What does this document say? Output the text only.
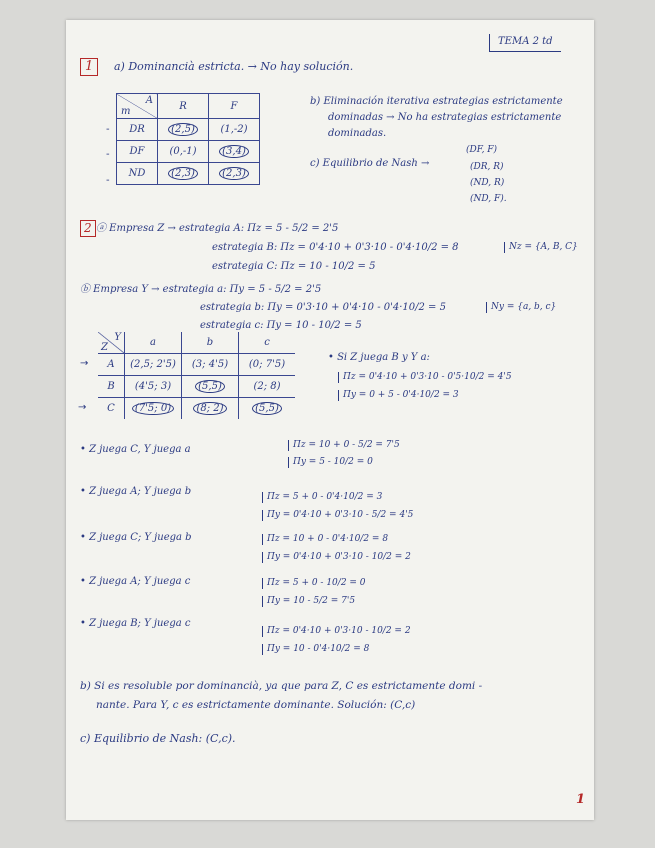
TEMA 2 td
1	a) Dominancià estricta. → No hay solución.
A
m	R	F
DR	(2,5)	(1,-2)
DF	(0,-1)	(3,4)
ND	(2,3)	(2,3)
-
-
-
b) Eliminación iterativa estrategias estrictamente
dominadas → No ha estrategias estrictamente
dominadas.
c) Equilibrio de Nash →
(DF, F)
(DR, R)
(ND, R)
(ND, F).
2 ⓐ Empresa Z → estrategia A: Πz = 5 - 5/2 = 2'5
estrategia B: Πz = 0'4·10 + 0'3·10 - 0'4·10/2 = 8
estrategia C: Πz = 10 - 10/2 = 5
Nz = {A, B, C}
ⓑ Empresa Y → estrategia a: Πy = 5 - 5/2 = 2'5
estrategia b: Πy = 0'3·10 + 0'4·10 - 0'4·10/2 = 5
estrategia c: Πy = 10 - 10/2 = 5
Ny = {a, b, c}
Y
Z	a	b	c
A	(2,5; 2'5)	(3; 4'5)	(0; 7'5)
B	(4'5; 3)	(5,5)	(2; 8)
C	(7'5; 0)	(8; 2)	(5,5)
→
→
• Si Z juega B y Y a:
Πz = 0'4·10 + 0'3·10 - 0'5·10/2 = 4'5
Πy = 0 + 5 - 0'4·10/2 = 3
• Z juega C, Y juega a	Πz = 10 + 0 - 5/2 = 7'5
Πy = 5 - 10/2 = 0
• Z juega A; Y juega b	Πz = 5 + 0 - 0'4·10/2 = 3
Πy = 0'4·10 + 0'3·10 - 5/2 = 4'5
• Z juega C; Y juega b	Πz = 10 + 0 - 0'4·10/2 = 8
Πy = 0'4·10 + 0'3·10 - 10/2 = 2
• Z juega A; Y juega c	Πz = 5 + 0 - 10/2 = 0
Πy = 10 - 5/2 = 7'5
• Z juega B; Y juega c
Πz = 0'4·10 + 0'3·10 - 10/2 = 2
Πy = 10 - 0'4·10/2 = 8
b) Si es resoluble por dominancià, ya que para Z, C es estrictamente domi -
nante. Para Y, c es estrictamente dominante. Solución: (C,c)
c) Equilibrio de Nash: (C,c).
1
